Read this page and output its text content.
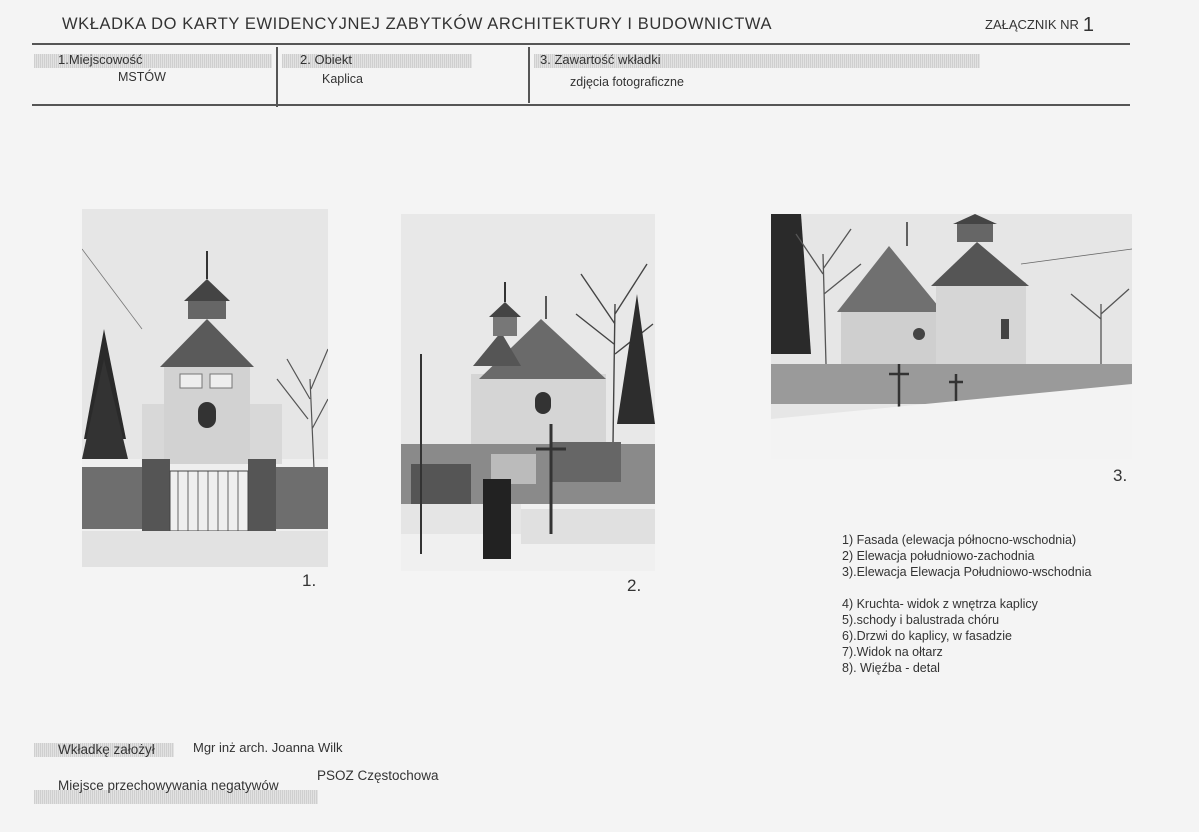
WKŁADKA DO KARTY EWIDENCYJNEJ ZABYTKÓW ARCHITEKTURY I BUDOWNICTWA	ZAŁĄCZNIK NR 1
1.Miejscowość
MSTÓW
2. Obiekt
Kaplica
3. Zawartość wkładki
zdjęcia fotograficzne
1.	2.
3.
1) Fasada (elewacja północno-wschodnia)
2) Elewacja południowo-zachodnia
3).Elewacja Elewacja Południowo-wschodnia
4) Kruchta- widok z wnętrza kaplicy
5).schody i balustrada chóru
6).Drzwi do kaplicy, w fasadzie
7).Widok na ołtarz
8). Więźba - detal
Wkładkę założył	Mgr inż arch. Joanna Wilk
Miejsce przechowywania negatywów
PSOZ Częstochowa
